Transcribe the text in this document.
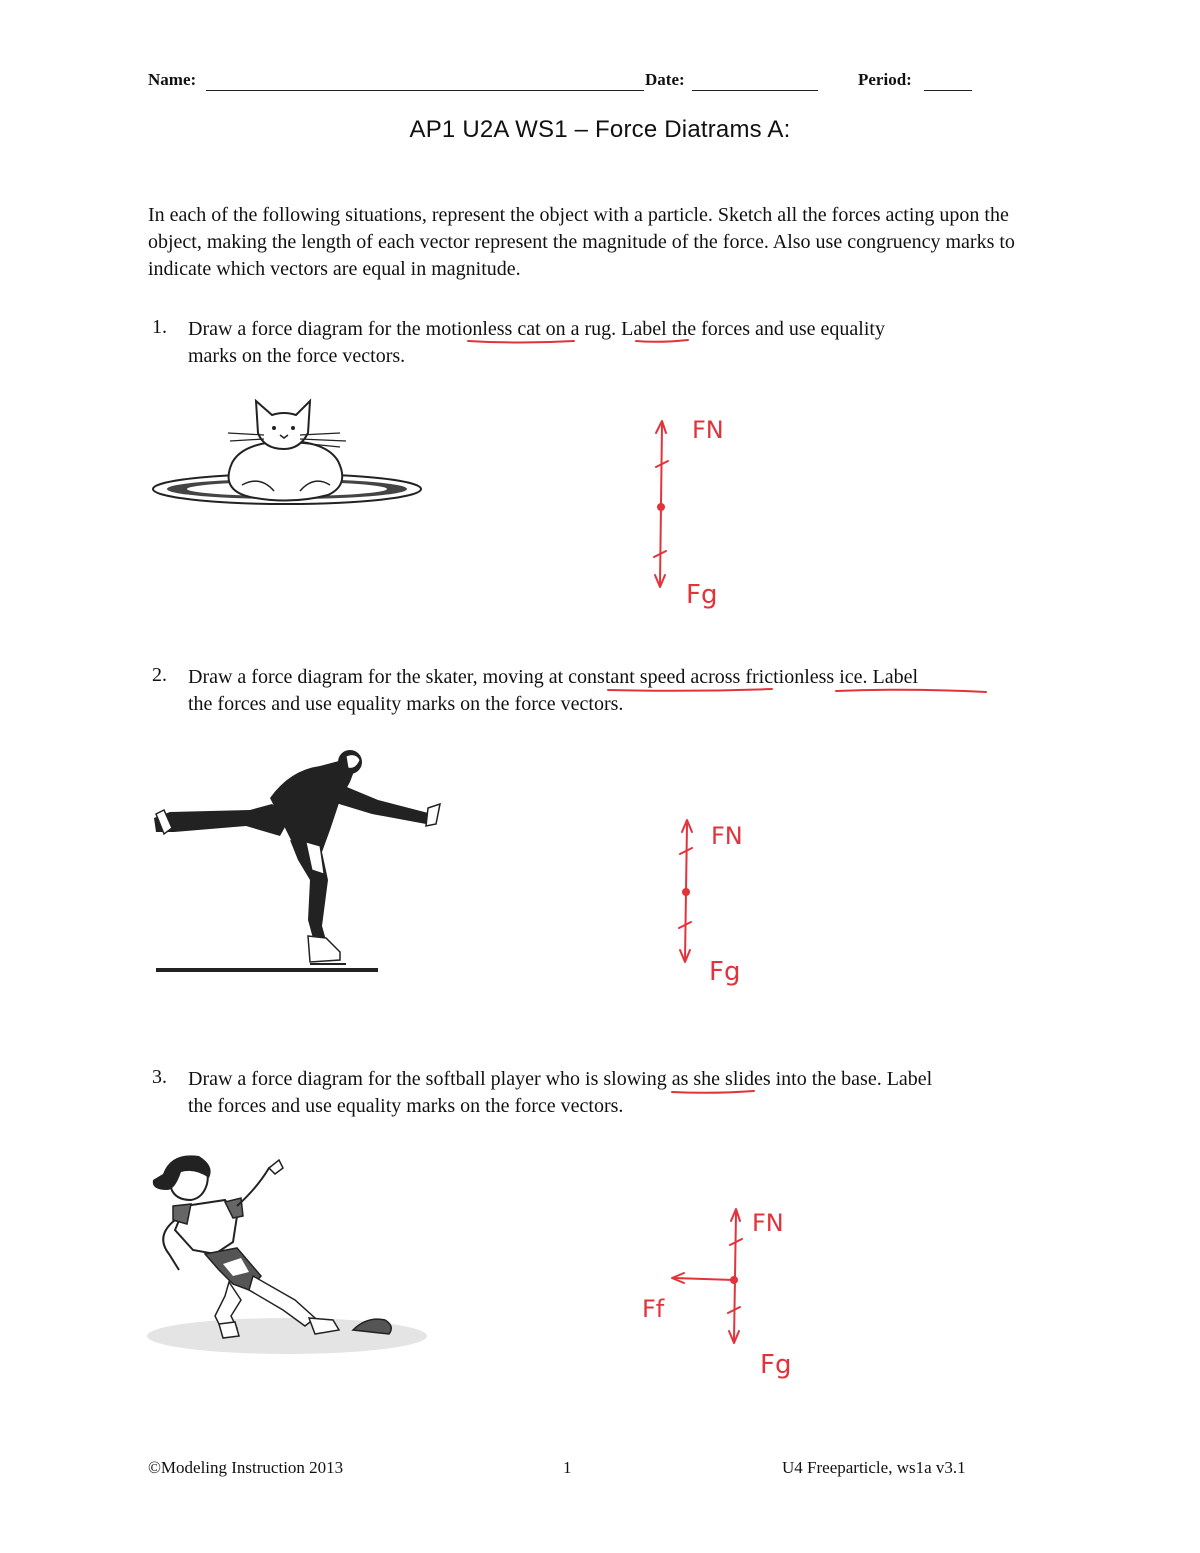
Name:	Date:	Period:
AP1 U2A WS1 – Force Diatrams A:
In each of the following situations, represent the object with a particle. Sketch all the forces acting upon the object, making the length of each vector represent the magnitude of the force. Also use congruency marks to indicate which vectors are equal in magnitude.
1. Draw a force diagram for the motionless cat on a rug. Label the forces and use equality
marks on the force vectors.
FN
Fg
2. Draw a force diagram for the skater, moving at constant speed across frictionless ice. Label
the forces and use equality marks on the force vectors.
FN
Fg
3. Draw a force diagram for the softball player who is slowing as she slides into the base. Label
the forces and use equality marks on the force vectors.
FN
Ff
Fg
©Modeling Instruction 2013	1	U4 Freeparticle, ws1a v3.1
